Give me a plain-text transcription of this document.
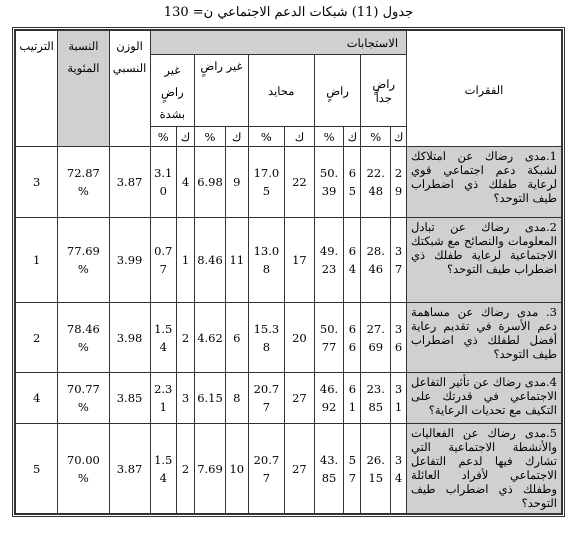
جدول (11) شبكات الدعم الاجتماعي ن= 130
الفقرات	الاستجابات										الوزن النسبي	النسبة المئوية	الترتيب
	راضٍ جداً		راضٍ		محايد		غير راضٍ		غير راضٍ بشدة				
	ك	%	ك	%	ك	%	ك	%	ك	%			
1.مدى رضاك عن امتلاكك لشبكة دعم اجتماعي قوي لرعاية طفلك ذي اضطراب طيف التوحد؟	29	22.48	65	50.39	22	17.05	9	6.98	4	3.10	3.87	72.87 %	3
2.مدى رضاك عن تبادل المعلومات والنصائح مع شبكتك الاجتماعية لرعاية طفلك ذي اضطراب طيف التوحد؟	37	28.46	64	49.23	17	13.08	11	8.46	1	0.77	3.99	77.69 %	1
3. مدى رضاك عن مساهمة دعم الأسرة في تقديم رعاية أفضل لطفلك ذي اضطراب طيف التوحد؟	36	27.69	66	50.77	20	15.38	6	4.62	2	1.54	3.98	78.46 %	2
4.مدى رضاك عن تأثير التفاعل الاجتماعي في قدرتك على التكيف مع تحديات الرعاية؟	31	23.85	61	46.92	27	20.77	8	6.15	3	2.31	3.85	70.77 %	4
5.مدى رضاك عن الفعاليات والأنشطة الاجتماعية التي تشارك فيها لدعم التفاعل الاجتماعي لأفراد العائلة وطفلك ذي اضطراب طيف التوحد؟	34	26.15	57	43.85	27	20.77	10	7.69	2	1.54	3.87	70.00 %	5
